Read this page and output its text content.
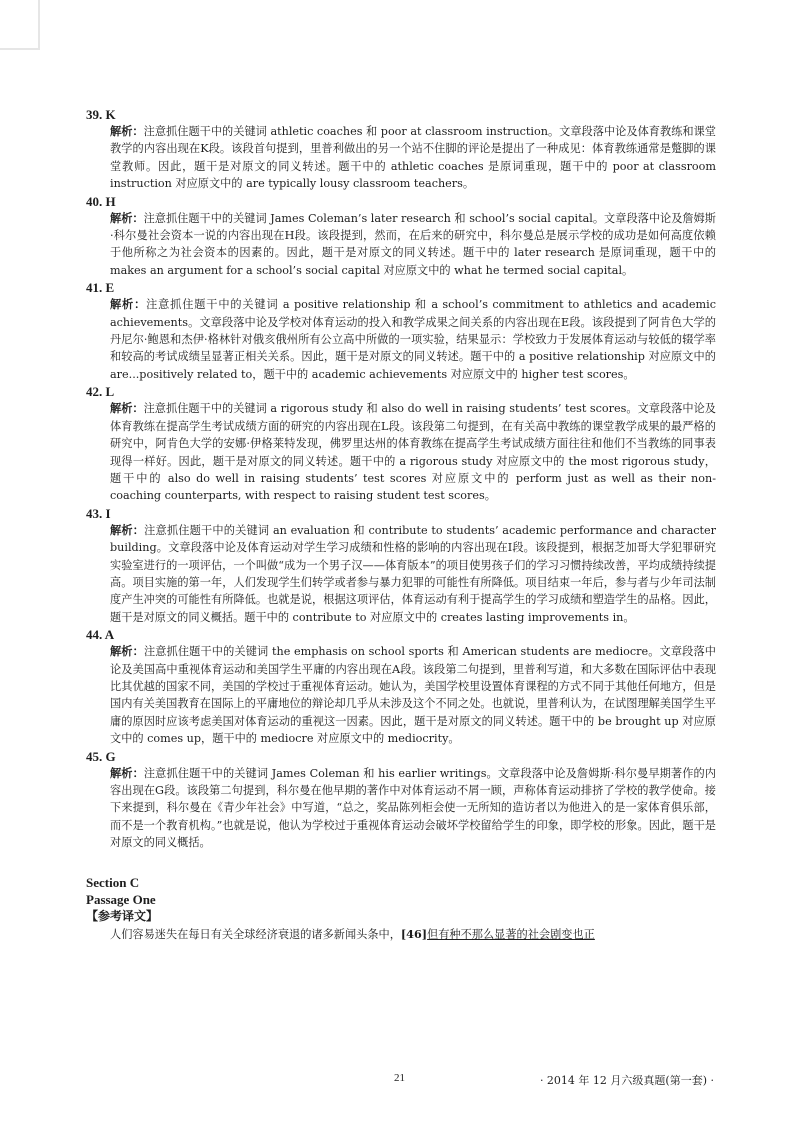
39. K
解析：注意抓住题干中的关键词 athletic coaches 和 poor at classroom instruction。文章段落中论及体育教练和课堂教学的内容出现在K段。该段首句提到，里普利做出的另一个站不住脚的评论是提出了一种成见：体育教练通常是蹩脚的课堂教师。因此，题干是对原文的同义转述。题干中的 athletic coaches 是原词重现，题干中的 poor at classroom instruction 对应原文中的 are typically lousy classroom teachers。
40. H
解析：注意抓住题干中的关键词 James Coleman’s later research 和 school’s social capital。文章段落中论及詹姆斯·科尔曼社会资本一说的内容出现在H段。该段提到，然而，在后来的研究中，科尔曼总是展示学校的成功是如何高度依赖于他所称之为社会资本的因素的。因此，题干是对原文的同义转述。题干中的 later research 是原词重现，题干中的 makes an argument for a school’s social capital 对应原文中的 what he termed social capital。
41. E
解析：注意抓住题干中的关键词 a positive relationship 和 a school’s commitment to athletics and academic achievements。文章段落中论及学校对体育运动的投入和教学成果之间关系的内容出现在E段。该段提到了阿肯色大学的丹尼尔·鲍恩和杰伊·格林针对俄亥俄州所有公立高中所做的一项实验，结果显示：学校致力于发展体育运动与较低的辍学率和较高的考试成绩呈显著正相关关系。因此，题干是对原文的同义转述。题干中的 a positive relationship 对应原文中的 are...positively related to，题干中的 academic achievements 对应原文中的 higher test scores。
42. L
解析：注意抓住题干中的关键词 a rigorous study 和 also do well in raising students’ test scores。文章段落中论及体育教练在提高学生考试成绩方面的研究的内容出现在L段。该段第二句提到，在有关高中教练的课堂教学成果的最严格的研究中，阿肯色大学的安娜·伊格莱特发现，佛罗里达州的体育教练在提高学生考试成绩方面往往和他们不当教练的同事表现得一样好。因此，题干是对原文的同义转述。题干中的 a rigorous study 对应原文中的 the most rigorous study，题干中的 also do well in raising students’ test scores 对应原文中的 perform just as well as their non-coaching counterparts, with respect to raising student test scores。
43. I
解析：注意抓住题干中的关键词 an evaluation 和 contribute to students’ academic performance and character building。文章段落中论及体育运动对学生学习成绩和性格的影响的内容出现在I段。该段提到，根据芝加哥大学犯罪研究实验室进行的一项评估，一个叫做“成为一个男子汉——体育版本”的项目使男孩子们的学习习惯持续改善，平均成绩持续提高。项目实施的第一年，人们发现学生们转学或者参与暴力犯罪的可能性有所降低。项目结束一年后，参与者与少年司法制度产生冲突的可能性有所降低。也就是说，根据这项评估，体育运动有利于提高学生的学习成绩和塑造学生的品格。因此，题干是对原文的同义概括。题干中的 contribute to 对应原文中的 creates lasting improvements in。
44. A
解析：注意抓住题干中的关键词 the emphasis on school sports 和 American students are mediocre。文章段落中论及美国高中重视体育运动和美国学生平庸的内容出现在A段。该段第二句提到，里普利写道，和大多数在国际评估中表现比其优越的国家不同，美国的学校过于重视体育运动。她认为，美国学校里设置体育课程的方式不同于其他任何地方，但是国内有关美国教育在国际上的平庸地位的辩论却几乎从未涉及这个不同之处。也就说，里普利认为，在试图理解美国学生平庸的原因时应该考虑美国对体育运动的重视这一因素。因此，题干是对原文的同义转述。题干中的 be brought up 对应原文中的 comes up，题干中的 mediocre 对应原文中的 mediocrity。
45. G
解析：注意抓住题干中的关键词 James Coleman 和 his earlier writings。文章段落中论及詹姆斯·科尔曼早期著作的内容出现在G段。该段第二句提到，科尔曼在他早期的著作中对体育运动不屑一顾，声称体育运动排挤了学校的教学使命。接下来提到，科尔曼在《青少年社会》中写道，“总之，奖品陈列柜会使一无所知的造访者以为他进入的是一家体育俱乐部，而不是一个教育机构。”也就是说，他认为学校过于重视体育运动会破坏学校留给学生的印象，即学校的形象。因此，题干是对原文的同义概括。
Section C
Passage One
【参考译文】
人们容易迷失在每日有关全球经济衰退的诸多新闻头条中，[46]但有种不那么显著的社会剧变也正
21	· 2014 年 12 月六级真题(第一套) ·
